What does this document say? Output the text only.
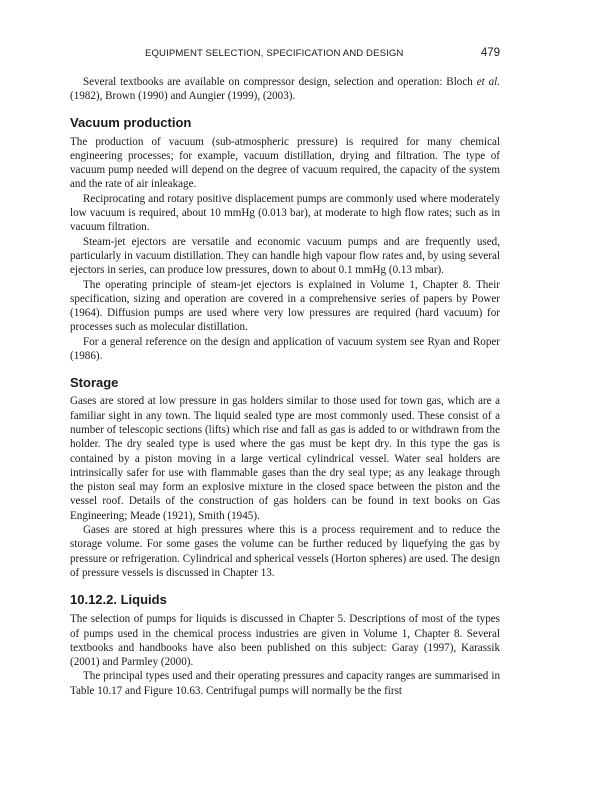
EQUIPMENT SELECTION, SPECIFICATION AND DESIGN	479

Several textbooks are available on compressor design, selection and operation: Bloch et al. (1982), Brown (1990) and Aungier (1999), (2003).

Vacuum production

The production of vacuum (sub-atmospheric pressure) is required for many chemical engineering processes; for example, vacuum distillation, drying and filtration. The type of vacuum pump needed will depend on the degree of vacuum required, the capacity of the system and the rate of air inleakage.

Reciprocating and rotary positive displacement pumps are commonly used where moderately low vacuum is required, about 10 mmHg (0.013 bar), at moderate to high flow rates; such as in vacuum filtration.

Steam-jet ejectors are versatile and economic vacuum pumps and are frequently used, particularly in vacuum distillation. They can handle high vapour flow rates and, by using several ejectors in series, can produce low pressures, down to about 0.1 mmHg (0.13 mbar).

The operating principle of steam-jet ejectors is explained in Volume 1, Chapter 8. Their specification, sizing and operation are covered in a comprehensive series of papers by Power (1964). Diffusion pumps are used where very low pressures are required (hard vacuum) for processes such as molecular distillation.

For a general reference on the design and application of vacuum system see Ryan and Roper (1986).

Storage

Gases are stored at low pressure in gas holders similar to those used for town gas, which are a familiar sight in any town. The liquid sealed type are most commonly used. These consist of a number of telescopic sections (lifts) which rise and fall as gas is added to or withdrawn from the holder. The dry sealed type is used where the gas must be kept dry. In this type the gas is contained by a piston moving in a large vertical cylindrical vessel. Water seal holders are intrinsically safer for use with flammable gases than the dry seal type; as any leakage through the piston seal may form an explosive mixture in the closed space between the piston and the vessel roof. Details of the construction of gas holders can be found in text books on Gas Engineering; Meade (1921), Smith (1945).

Gases are stored at high pressures where this is a process requirement and to reduce the storage volume. For some gases the volume can be further reduced by liquefying the gas by pressure or refrigeration. Cylindrical and spherical vessels (Horton spheres) are used. The design of pressure vessels is discussed in Chapter 13.

10.12.2. Liquids

The selection of pumps for liquids is discussed in Chapter 5. Descriptions of most of the types of pumps used in the chemical process industries are given in Volume 1, Chapter 8. Several textbooks and handbooks have also been published on this subject: Garay (1997), Karassik (2001) and Parmley (2000).

The principal types used and their operating pressures and capacity ranges are summarised in Table 10.17 and Figure 10.63. Centrifugal pumps will normally be the first
